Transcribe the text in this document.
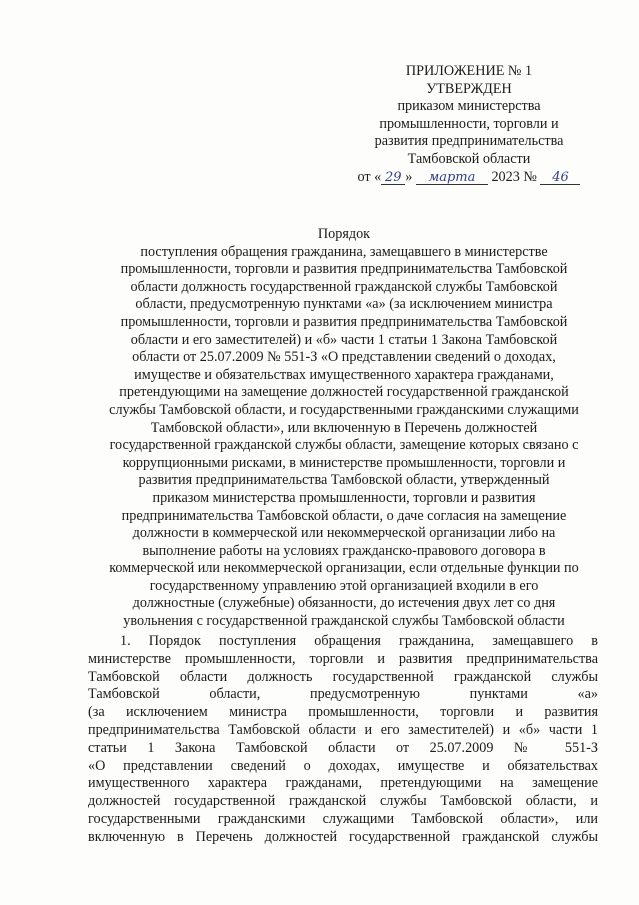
ПРИЛОЖЕНИЕ № 1
УТВЕРЖДЕН
приказом министерства
промышленности, торговли и
развития предпринимательства
Тамбовской области
от « 29 » марта 2023 № 46
Порядок
поступления обращения гражданина, замещавшего в министерстве
промышленности, торговли и развития предпринимательства Тамбовской
области должность государственной гражданской службы Тамбовской
области, предусмотренную пунктами «а» (за исключением министра
промышленности, торговли и развития предпринимательства Тамбовской
области и его заместителей) и «б» части 1 статьи 1 Закона Тамбовской
области от 25.07.2009 № 551-З «О представлении сведений о доходах,
имуществе и обязательствах имущественного характера гражданами,
претендующими на замещение должностей государственной гражданской
службы Тамбовской области, и государственными гражданскими служащими
Тамбовской области», или включенную в Перечень должностей
государственной гражданской службы области, замещение которых связано с
коррупционными рисками, в министерстве промышленности, торговли и
развития предпринимательства Тамбовской области, утвержденный
приказом министерства промышленности, торговли и развития
предпринимательства Тамбовской области, о даче согласия на замещение
должности в коммерческой или некоммерческой организации либо на
выполнение работы на условиях гражданско-правового договора в
коммерческой или некоммерческой организации, если отдельные функции по
государственному управлению этой организацией входили в его
должностные (служебные) обязанности, до истечения двух лет со дня
увольнения с государственной гражданской службы Тамбовской области
1. Порядок поступления обращения гражданина, замещавшего в
министерстве промышленности, торговли и развития предпринимательства
Тамбовской области должность государственной гражданской службы
Тамбовской области, предусмотренную пунктами «а»
(за исключением министра промышленности, торговли и развития
предпринимательства Тамбовской области и его заместителей) и «б» части 1
статьи 1 Закона Тамбовской области от 25.07.2009 № 551-З
«О представлении сведений о доходах, имуществе и обязательствах
имущественного характера гражданами, претендующими на замещение
должностей государственной гражданской службы Тамбовской области, и
государственными гражданскими служащими Тамбовской области», или
включенную в Перечень должностей государственной гражданской службы
